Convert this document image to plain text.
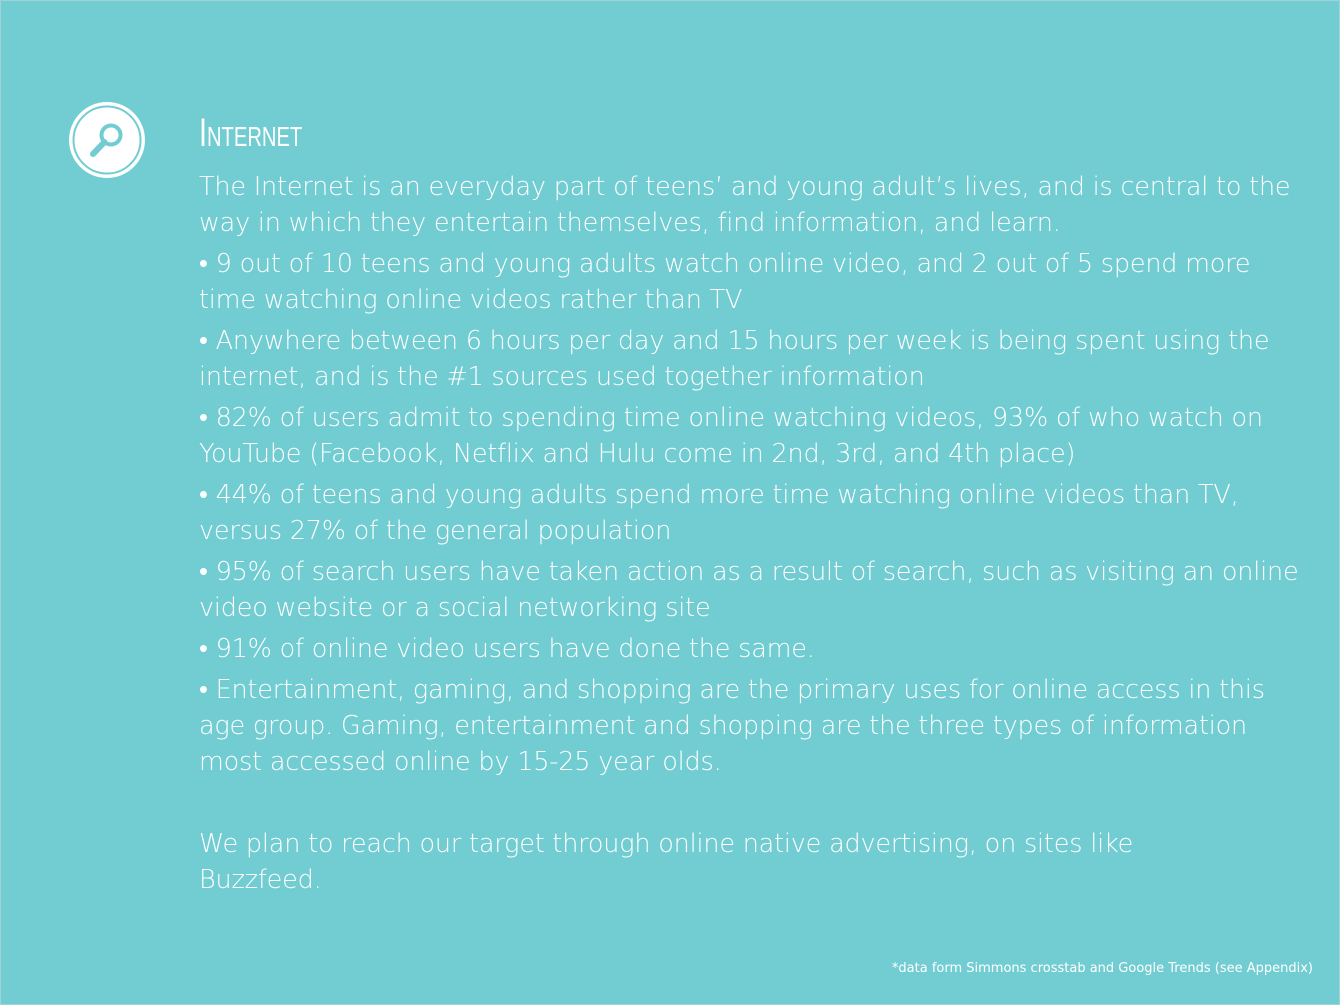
Internet

The Internet is an everyday part of teens’ and young adult’s lives, and is central to the way in which they entertain themselves, find information, and learn.

• 9 out of 10 teens and young adults watch online video, and 2 out of 5 spend more time watching online videos rather than TV

• Anywhere between 6 hours per day and 15 hours per week is being spent using the internet, and is the #1 sources used together information

• 82% of users admit to spending time online watching videos, 93% of who watch on YouTube (Facebook, Netflix and Hulu come in 2nd, 3rd, and 4th place)

• 44% of teens and young adults spend more time watching online videos than TV, versus 27% of the general population

• 95% of search users have taken action as a result of search, such as visiting an online video website or a social networking site

• 91% of online video users have done the same.

• Entertainment, gaming, and shopping are the primary uses for online access in this age group. Gaming, entertainment and shopping are the three types of information most accessed online by 15-25 year olds.

We plan to reach our target through online native advertising, on sites like Buzzfeed.

*data form Simmons crosstab and Google Trends (see Appendix)
